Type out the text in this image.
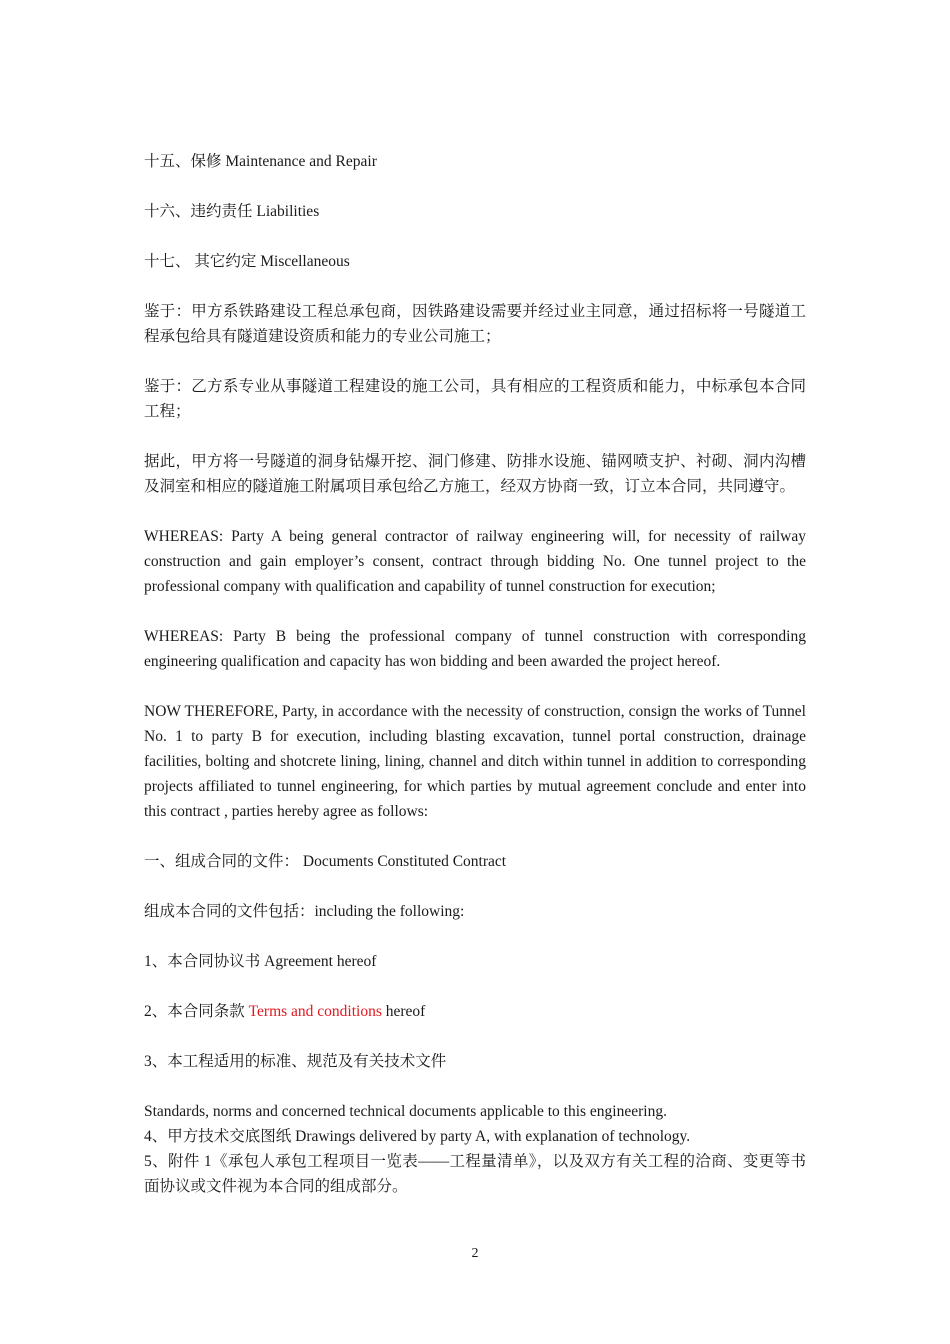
十五、保修 Maintenance and Repair

十六、违约责任 Liabilities

十七、 其它约定 Miscellaneous

鉴于：甲方系铁路建设工程总承包商，因铁路建设需要并经过业主同意，通过招标将一号隧道工程承包给具有隧道建设资质和能力的专业公司施工；

鉴于：乙方系专业从事隧道工程建设的施工公司，具有相应的工程资质和能力，中标承包本合同工程；

据此，甲方将一号隧道的洞身钻爆开挖、洞门修建、防排水设施、锚网喷支护、衬砌、洞内沟槽及洞室和相应的隧道施工附属项目承包给乙方施工，经双方协商一致，订立本合同，共同遵守。

WHEREAS: Party A being general contractor of railway engineering will, for necessity of railway construction and gain employer’s consent, contract through bidding No. One tunnel project to the professional company with qualification and capability of tunnel construction for execution;

WHEREAS: Party B being the professional company of tunnel construction with corresponding engineering qualification and capacity has won bidding and been awarded the project hereof.

NOW THEREFORE, Party, in accordance with the necessity of construction, consign the works of Tunnel No. 1 to party B for execution, including blasting excavation, tunnel portal construction, drainage facilities, bolting and shotcrete lining, lining, channel and ditch within tunnel in addition to corresponding projects affiliated to tunnel engineering, for which parties by mutual agreement conclude and enter into this contract , parties hereby agree as follows:

一、组成合同的文件： Documents Constituted Contract

组成本合同的文件包括：including the following:

1、本合同协议书 Agreement hereof

2、本合同条款 Terms and conditions hereof

3、本工程适用的标准、规范及有关技术文件

Standards, norms and concerned technical documents applicable to this engineering.

4、甲方技术交底图纸 Drawings delivered by party A, with explanation of technology.

5、附件 1《承包人承包工程项目一览表——工程量清单》，以及双方有关工程的洽商、变更等书面协议或文件视为本合同的组成部分。

2
